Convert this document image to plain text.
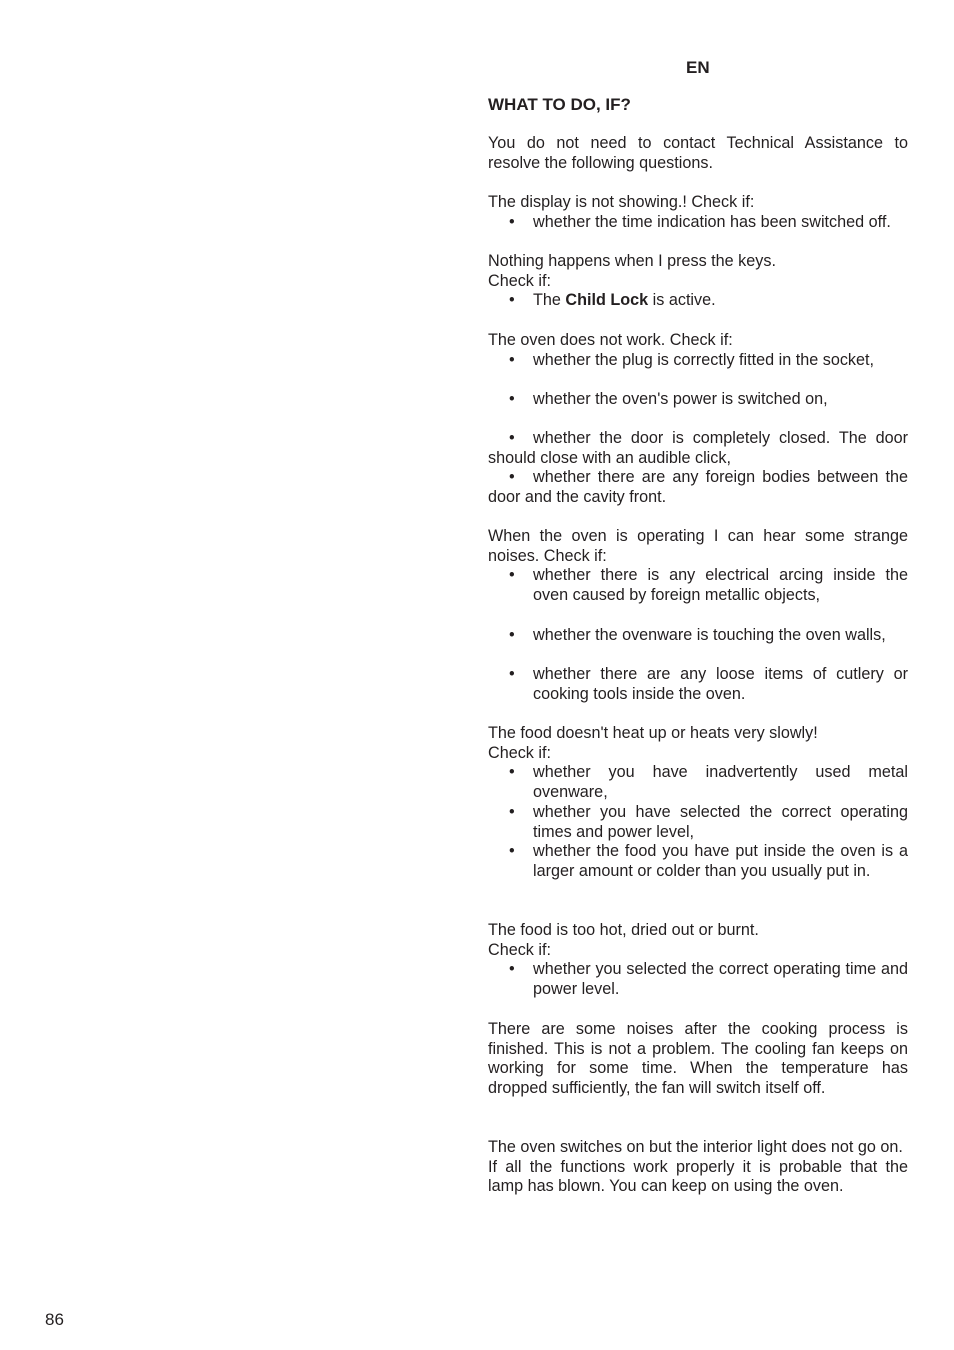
EN
WHAT TO DO, IF?
You do not need to contact Technical Assistance to resolve the following questions.
The display is not showing.! Check if:
• whether the time indication has been switched off.
Nothing happens when I press the keys.
Check if:
• The Child Lock is active.
The oven does not work. Check if:
• whether the plug is correctly fitted in the socket,
• whether the oven's power is switched on,
• whether the door is completely closed. The door should close with an audible click,
• whether there are any foreign bodies between the door and the cavity front.
When the oven is operating I can hear some strange noises. Check if:
• whether there is any electrical arcing inside the oven caused by foreign metallic objects,
• whether the ovenware is touching the oven walls,
• whether there are any loose items of cutlery or cooking tools inside the oven.
The food doesn't heat up or heats very slowly!
Check if:
• whether you have inadvertently used metal ovenware,
• whether you have selected the correct operating times and power level,
• whether the food you have put inside the oven is a larger amount or colder than you usually put in.
The food is too hot, dried out or burnt.
Check if:
• whether you selected the correct operating time and power level.
There are some noises after the cooking process is finished. This is not a problem. The cooling fan keeps on working for some time. When the temperature has dropped sufficiently, the fan will switch itself off.
The oven switches on but the interior light does not go on.
If all the functions work properly it is probable that the lamp has blown. You can keep on using the oven.
86
